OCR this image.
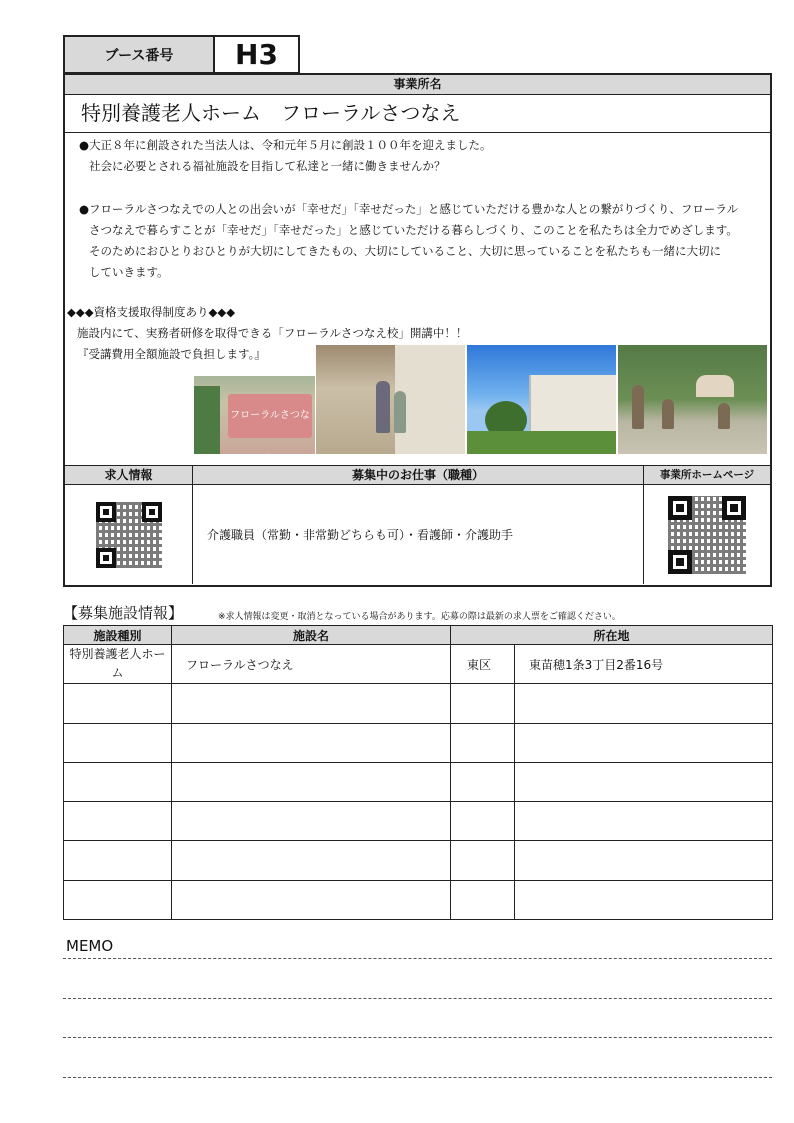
ブース番号	H3
事業所名
特別養護老人ホーム　フローラルさつなえ
●大正８年に創設された当法人は、令和元年５月に創設１００年を迎えました。
社会に必要とされる福祉施設を目指して私達と一緒に働きませんか？
●フローラルさつなえでの人との出会いが「幸せだ」「幸せだった」と感じていただける豊かな人との繋がりづくり、フローラル
さつなえで暮らすことが「幸せだ」「幸せだった」と感じていただける暮らしづくり、このことを私たちは全力でめざします。
そのためにおひとりおひとりが大切にしてきたもの、大切にしていること、大切に思っていることを私たちも一緒に大切に
していきます。
◆◆◆資格支援取得制度あり◆◆◆
施設内にて、実務者研修を取得できる「フローラルさつなえ校」開講中！！
『受講費用全額施設で負担します。』
フローラルさつなえ
求人情報	募集中のお仕事（職種）	事業所ホームページ
介護職員（常勤・非常勤どちらも可）・看護師・介護助手
【募集施設情報】	※求人情報は変更・取消となっている場合があります。応募の際は最新の求人票をご確認ください。
施設種別	施設名	所在地	
特別養護老人ホーム	フローラルさつなえ	東区	東苗穂1条3丁目2番16号

MEMO
